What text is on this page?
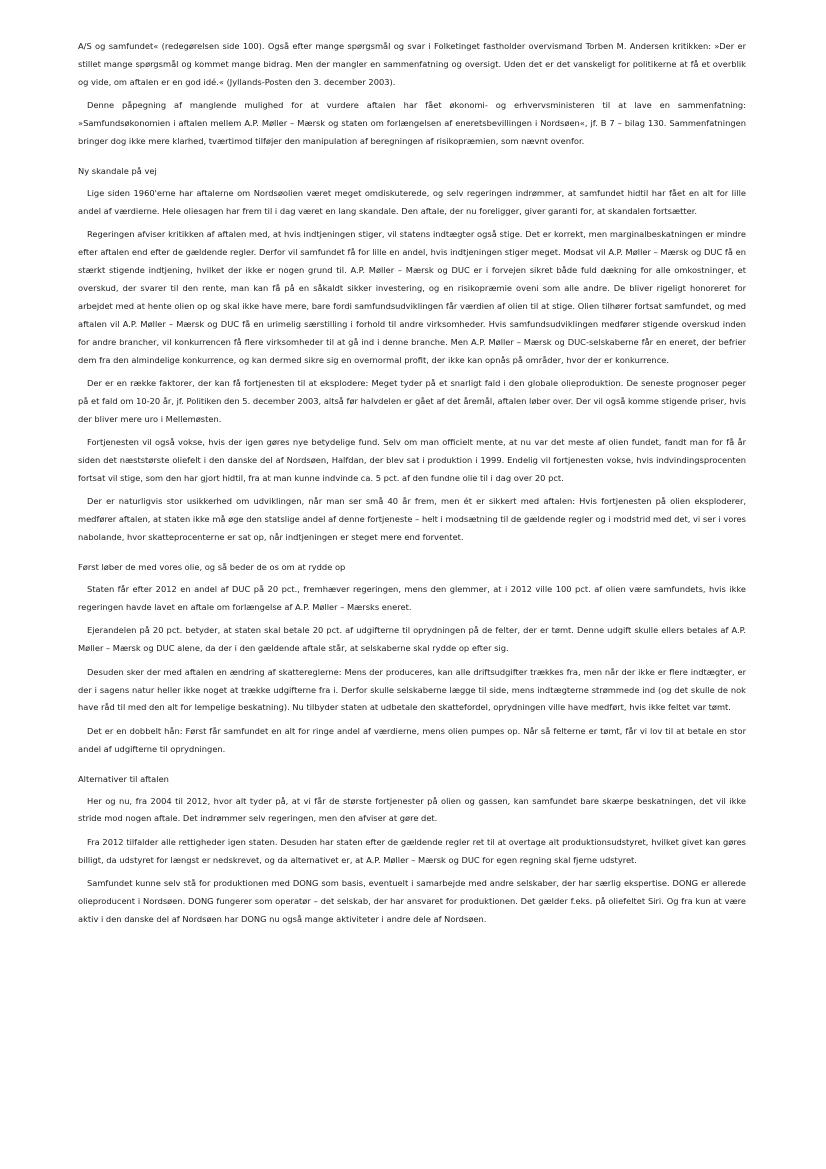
A/S og samfundet« (redegørelsen side 100). Også efter mange spørgsmål og svar i Folketinget fastholder overvismand Torben M. Andersen kritikken: »Der er stillet mange spørgsmål og kommet mange bidrag. Men der mangler en sammenfatning og oversigt. Uden det er det vanskeligt for politikerne at få et overblik og vide, om aftalen er en god idé.« (Jyllands-Posten den 3. december 2003).

Denne påpegning af manglende mulighed for at vurdere aftalen har fået økonomi- og erhvervsministeren til at lave en sammenfatning: »Samfundsøkonomien i aftalen mellem A.P. Møller – Mærsk og staten om forlængelsen af eneretsbevillingen i Nordsøen«, jf. B 7 – bilag 130. Sammenfatningen bringer dog ikke mere klarhed, tværtimod tilføjer den manipulation af beregningen af risikopræmien, som nævnt ovenfor.

Ny skandale på vej

Lige siden 1960'erne har aftalerne om Nordsøolien været meget omdiskuterede, og selv regeringen indrømmer, at samfundet hidtil har fået en alt for lille andel af værdierne. Hele oliesagen har frem til i dag været en lang skandale. Den aftale, der nu foreligger, giver garanti for, at skandalen fortsætter.

Regeringen afviser kritikken af aftalen med, at hvis indtjeningen stiger, vil statens indtægter også stige. Det er korrekt, men marginalbeskatningen er mindre efter aftalen end efter de gældende regler. Derfor vil samfundet få for lille en andel, hvis indtjeningen stiger meget. Modsat vil A.P. Møller – Mærsk og DUC få en stærkt stigende indtjening, hvilket der ikke er nogen grund til. A.P. Møller – Mærsk og DUC er i forvejen sikret både fuld dækning for alle omkostninger, et overskud, der svarer til den rente, man kan få på en såkaldt sikker investering, og en risikopræmie oveni som alle andre. De bliver rigeligt honoreret for arbejdet med at hente olien op og skal ikke have mere, bare fordi samfundsudviklingen får værdien af olien til at stige. Olien tilhører fortsat samfundet, og med aftalen vil A.P. Møller – Mærsk og DUC få en urimelig særstilling i forhold til andre virksomheder. Hvis samfundsudviklingen medfører stigende overskud inden for andre brancher, vil konkurrencen få flere virksomheder til at gå ind i denne branche. Men A.P. Møller – Mærsk og DUC-selskaberne får en eneret, der befrier dem fra den almindelige konkurrence, og kan dermed sikre sig en overnormal profit, der ikke kan opnås på områder, hvor der er konkurrence.

Der er en række faktorer, der kan få fortjenesten til at eksplodere: Meget tyder på et snarligt fald i den globale olieproduktion. De seneste prognoser peger på et fald om 10-20 år, jf. Politiken den 5. december 2003, altså før halvdelen er gået af det åremål, aftalen løber over. Der vil også komme stigende priser, hvis der bliver mere uro i Mellemøsten.

Fortjenesten vil også vokse, hvis der igen gøres nye betydelige fund. Selv om man officielt mente, at nu var det meste af olien fundet, fandt man for få år siden det næststørste oliefelt i den danske del af Nordsøen, Halfdan, der blev sat i produktion i 1999. Endelig vil fortjenesten vokse, hvis indvindingsprocenten fortsat vil stige, som den har gjort hidtil, fra at man kunne indvinde ca. 5 pct. af den fundne olie til i dag over 20 pct.

Der er naturligvis stor usikkerhed om udviklingen, når man ser små 40 år frem, men ét er sikkert med aftalen: Hvis fortjenesten på olien eksploderer, medfører aftalen, at staten ikke må øge den statslige andel af denne fortjeneste – helt i modsætning til de gældende regler og i modstrid med det, vi ser i vores nabolande, hvor skatteprocenterne er sat op, når indtjeningen er steget mere end forventet.

Først løber de med vores olie, og så beder de os om at rydde op

Staten får efter 2012 en andel af DUC på 20 pct., fremhæver regeringen, mens den glemmer, at i 2012 ville 100 pct. af olien være samfundets, hvis ikke regeringen havde lavet en aftale om forlængelse af A.P. Møller – Mærsks eneret.

Ejerandelen på 20 pct. betyder, at staten skal betale 20 pct. af udgifterne til oprydningen på de felter, der er tømt. Denne udgift skulle ellers betales af A.P. Møller – Mærsk og DUC alene, da der i den gældende aftale står, at selskaberne skal rydde op efter sig.

Desuden sker der med aftalen en ændring af skattereglerne: Mens der produceres, kan alle driftsudgifter trækkes fra, men når der ikke er flere indtægter, er der i sagens natur heller ikke noget at trække udgifterne fra i. Derfor skulle selskaberne lægge til side, mens indtægterne strømmede ind (og det skulle de nok have råd til med den alt for lempelige beskatning). Nu tilbyder staten at udbetale den skattefordel, oprydningen ville have medført, hvis ikke feltet var tømt.

Det er en dobbelt hån: Først får samfundet en alt for ringe andel af værdierne, mens olien pumpes op. Når så felterne er tømt, får vi lov til at betale en stor andel af udgifterne til oprydningen.

Alternativer til aftalen

Her og nu, fra 2004 til 2012, hvor alt tyder på, at vi får de største fortjenester på olien og gassen, kan samfundet bare skærpe beskatningen, det vil ikke stride mod nogen aftale. Det indrømmer selv regeringen, men den afviser at gøre det.

Fra 2012 tilfalder alle rettigheder igen staten. Desuden har staten efter de gældende regler ret til at overtage alt produktionsudstyret, hvilket givet kan gøres billigt, da udstyret for længst er nedskrevet, og da alternativet er, at A.P. Møller – Mærsk og DUC for egen regning skal fjerne udstyret.

Samfundet kunne selv stå for produktionen med DONG som basis, eventuelt i samarbejde med andre selskaber, der har særlig ekspertise. DONG er allerede olieproducent i Nordsøen. DONG fungerer som operatør – det selskab, der har ansvaret for produktionen. Det gælder f.eks. på oliefeltet Siri. Og fra kun at være aktiv i den danske del af Nordsøen har DONG nu også mange aktiviteter i andre dele af Nordsøen.
